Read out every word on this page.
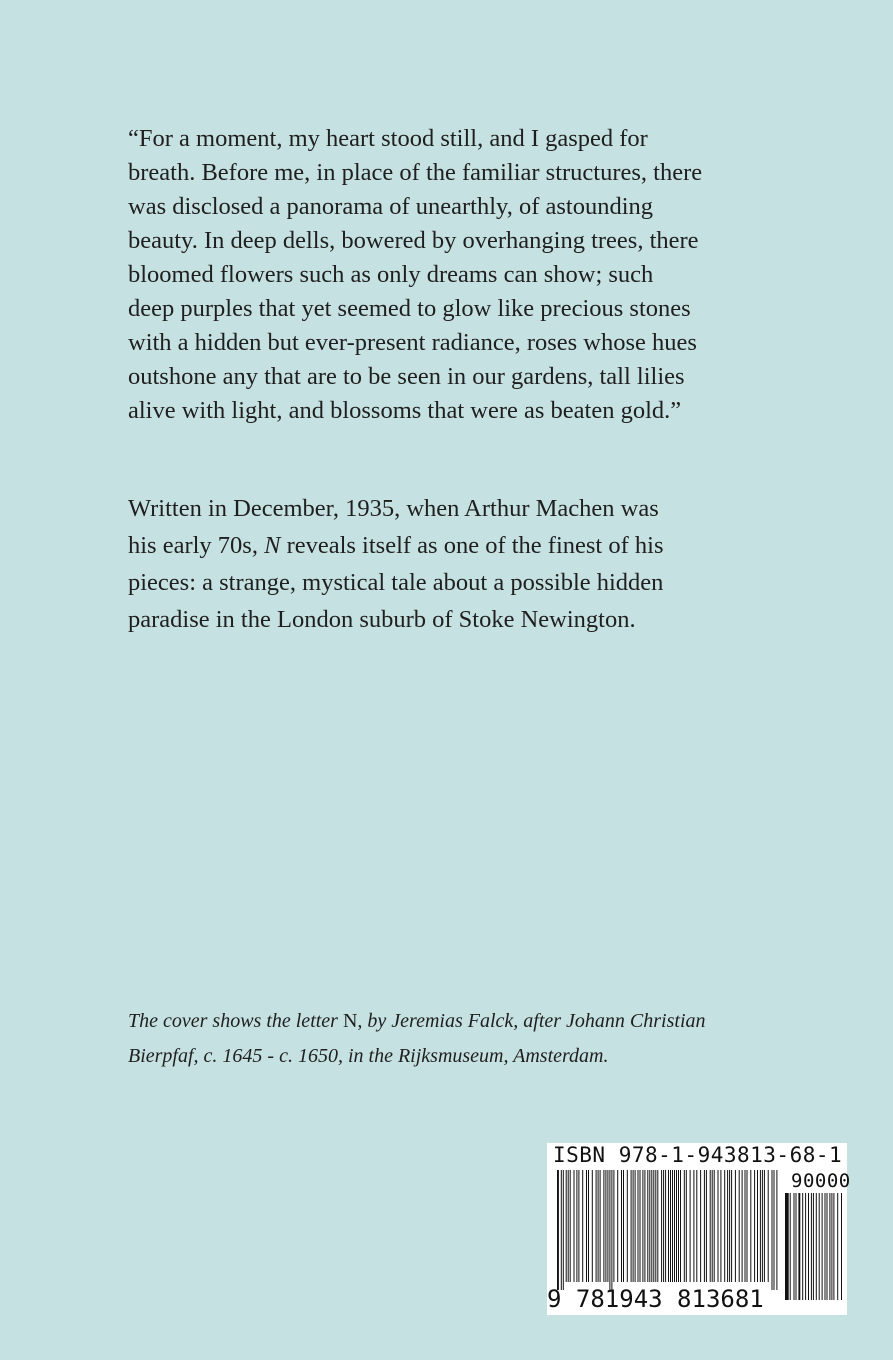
“For a moment, my heart stood still, and I gasped for
breath. Before me, in place of the familiar structures, there
was disclosed a panorama of unearthly, of astounding
beauty. In deep dells, bowered by overhanging trees, there
bloomed flowers such as only dreams can show; such
deep purples that yet seemed to glow like precious stones
with a hidden but ever-present radiance, roses whose hues
outshone any that are to be seen in our gardens, tall lilies
alive with light, and blossoms that were as beaten gold.”
Written in December, 1935, when Arthur Machen was
his early 70s, N reveals itself as one of the finest of his
pieces: a strange, mystical tale about a possible hidden
paradise in the London suburb of Stoke Newington.
The cover shows the letter N, by Jeremias Falck, after Johann Christian
Bierpfaf, c. 1645 - c. 1650, in the Rijksmuseum, Amsterdam.
ISBN 978-1-943813-68-1
9 781943 813681
90000
